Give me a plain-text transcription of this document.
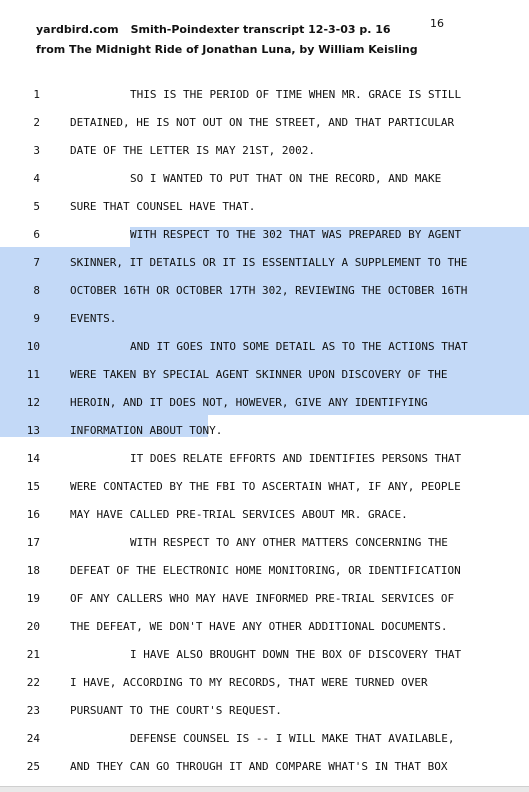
yardbird.com Smith-Poindexter transcript 12-3-03 p. 16
from The Midnight Ride of Jonathan Luna, by William Keisling
16
1	THIS IS THE PERIOD OF TIME WHEN MR. GRACE IS STILL
2	DETAINED, HE IS NOT OUT ON THE STREET, AND THAT PARTICULAR
3	DATE OF THE LETTER IS MAY 21ST, 2002.
4	SO I WANTED TO PUT THAT ON THE RECORD, AND MAKE
5	SURE THAT COUNSEL HAVE THAT.
6	WITH RESPECT TO THE 302 THAT WAS PREPARED BY AGENT
7	SKINNER, IT DETAILS OR IT IS ESSENTIALLY A SUPPLEMENT TO THE
8	OCTOBER 16TH OR OCTOBER 17TH 302, REVIEWING THE OCTOBER 16TH
9	EVENTS.
10	AND IT GOES INTO SOME DETAIL AS TO THE ACTIONS THAT
11	WERE TAKEN BY SPECIAL AGENT SKINNER UPON DISCOVERY OF THE
12	HEROIN, AND IT DOES NOT, HOWEVER, GIVE ANY IDENTIFYING
13	INFORMATION ABOUT TONY.
14	IT DOES RELATE EFFORTS AND IDENTIFIES PERSONS THAT
15	WERE CONTACTED BY THE FBI TO ASCERTAIN WHAT, IF ANY, PEOPLE
16	MAY HAVE CALLED PRE-TRIAL SERVICES ABOUT MR. GRACE.
17	WITH RESPECT TO ANY OTHER MATTERS CONCERNING THE
18	DEFEAT OF THE ELECTRONIC HOME MONITORING, OR IDENTIFICATION
19	OF ANY CALLERS WHO MAY HAVE INFORMED PRE-TRIAL SERVICES OF
20	THE DEFEAT, WE DON'T HAVE ANY OTHER ADDITIONAL DOCUMENTS.
21	I HAVE ALSO BROUGHT DOWN THE BOX OF DISCOVERY THAT
22	I HAVE, ACCORDING TO MY RECORDS, THAT WERE TURNED OVER
23	PURSUANT TO THE COURT'S REQUEST.
24	DEFENSE COUNSEL IS -- I WILL MAKE THAT AVAILABLE,
25	AND THEY CAN GO THROUGH IT AND COMPARE WHAT'S IN THAT BOX
